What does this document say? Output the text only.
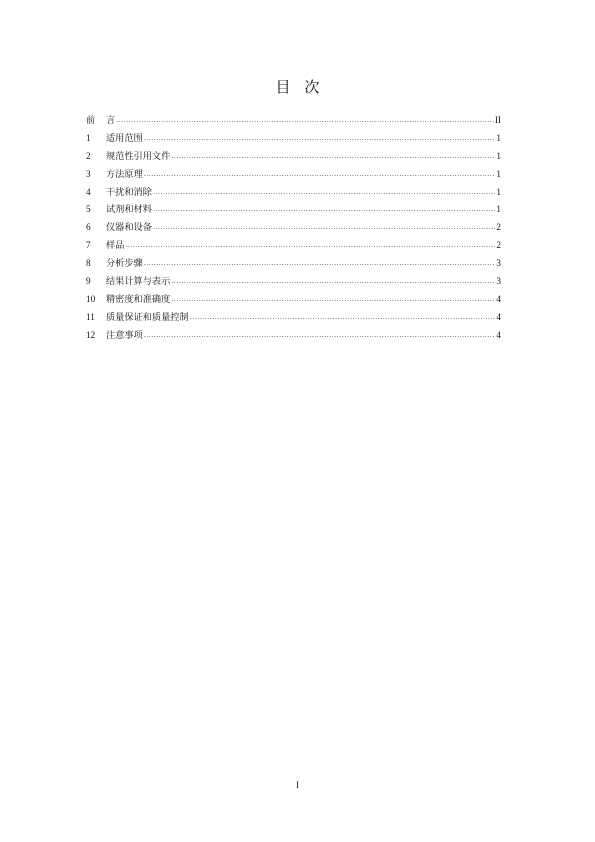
目 次
前	言 .....	II
1	适用范围 .....	1
2	规范性引用文件 .....	1
3	方法原理 .....	1
4	干扰和消除 .....	1
5	试剂和材料 .....	1
6	仪器和设备 .....	2
7	样品 .....	2
8	分析步骤 .....	3
9	结果计算与表示 .....	3
10	精密度和准确度 .....	4
11	质量保证和质量控制 .....	4
12	注意事项 .....	4
I
